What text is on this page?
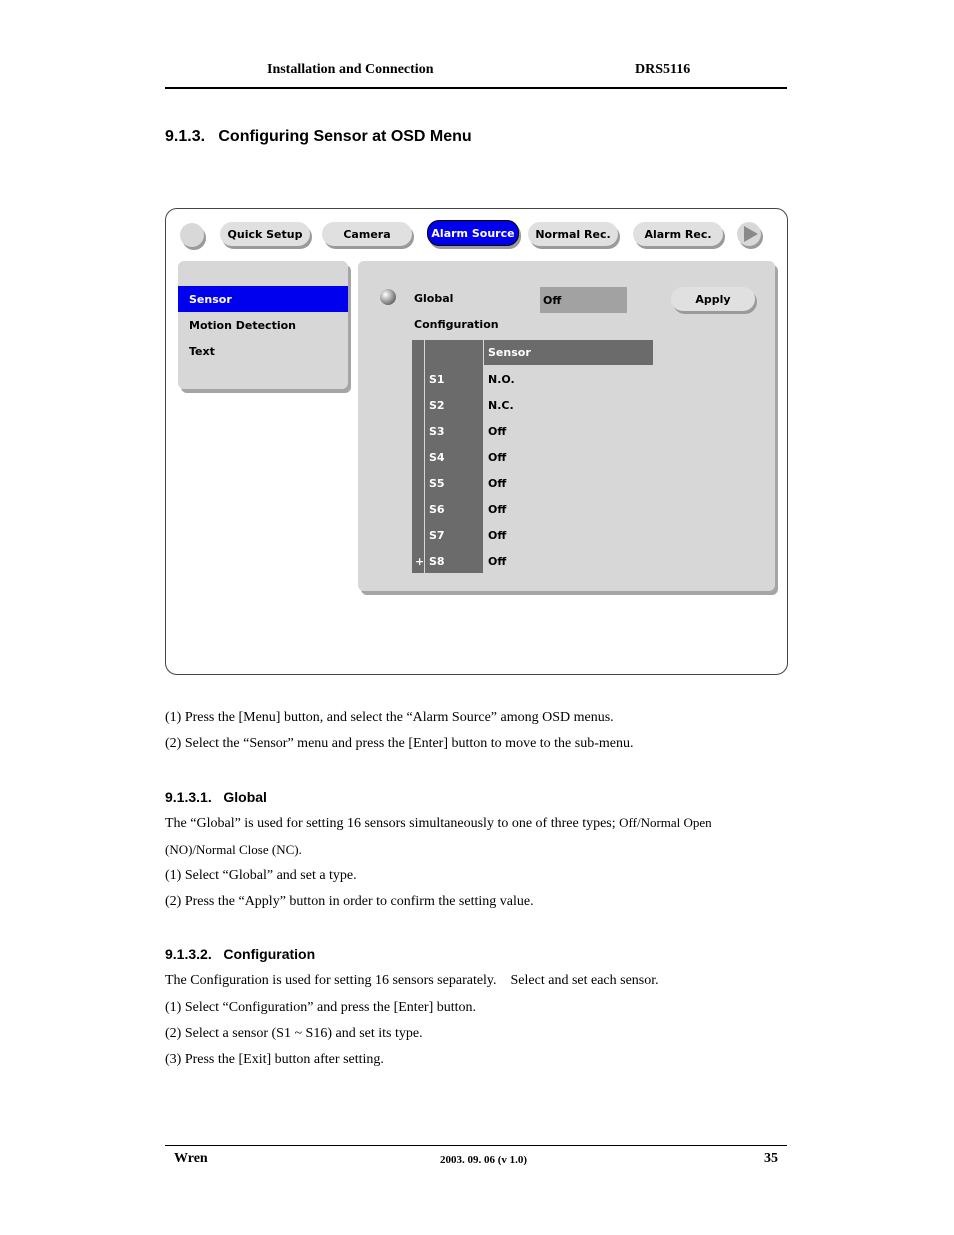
Installation and Connection	DRS5116
9.1.3.   Configuring Sensor at OSD Menu
Quick Setup	Camera	Alarm Source	Normal Rec.	Alarm Rec.
Sensor
Motion Detection
Text
Global	Off	Apply
Configuration
Sensor
S1	N.O.
S2	N.C.
S3	Off
S4	Off
S5	Off
S6	Off
S7	Off
+ S8	Off
(1) Press the [Menu] button, and select the “Alarm Source” among OSD menus.
(2) Select the “Sensor” menu and press the [Enter] button to move to the sub-menu.
9.1.3.1.   Global
The “Global” is used for setting 16 sensors simultaneously to one of three types; Off/Normal Open
(NO)/Normal Close (NC).
(1) Select “Global” and set a type.
(2) Press the “Apply” button in order to confirm the setting value.
9.1.3.2.   Configuration
The Configuration is used for setting 16 sensors separately.    Select and set each sensor.
(1) Select “Configuration” and press the [Enter] button.
(2) Select a sensor (S1 ~ S16) and set its type.
(3) Press the [Exit] button after setting.
Wren	2003. 09. 06 (v 1.0)	35
